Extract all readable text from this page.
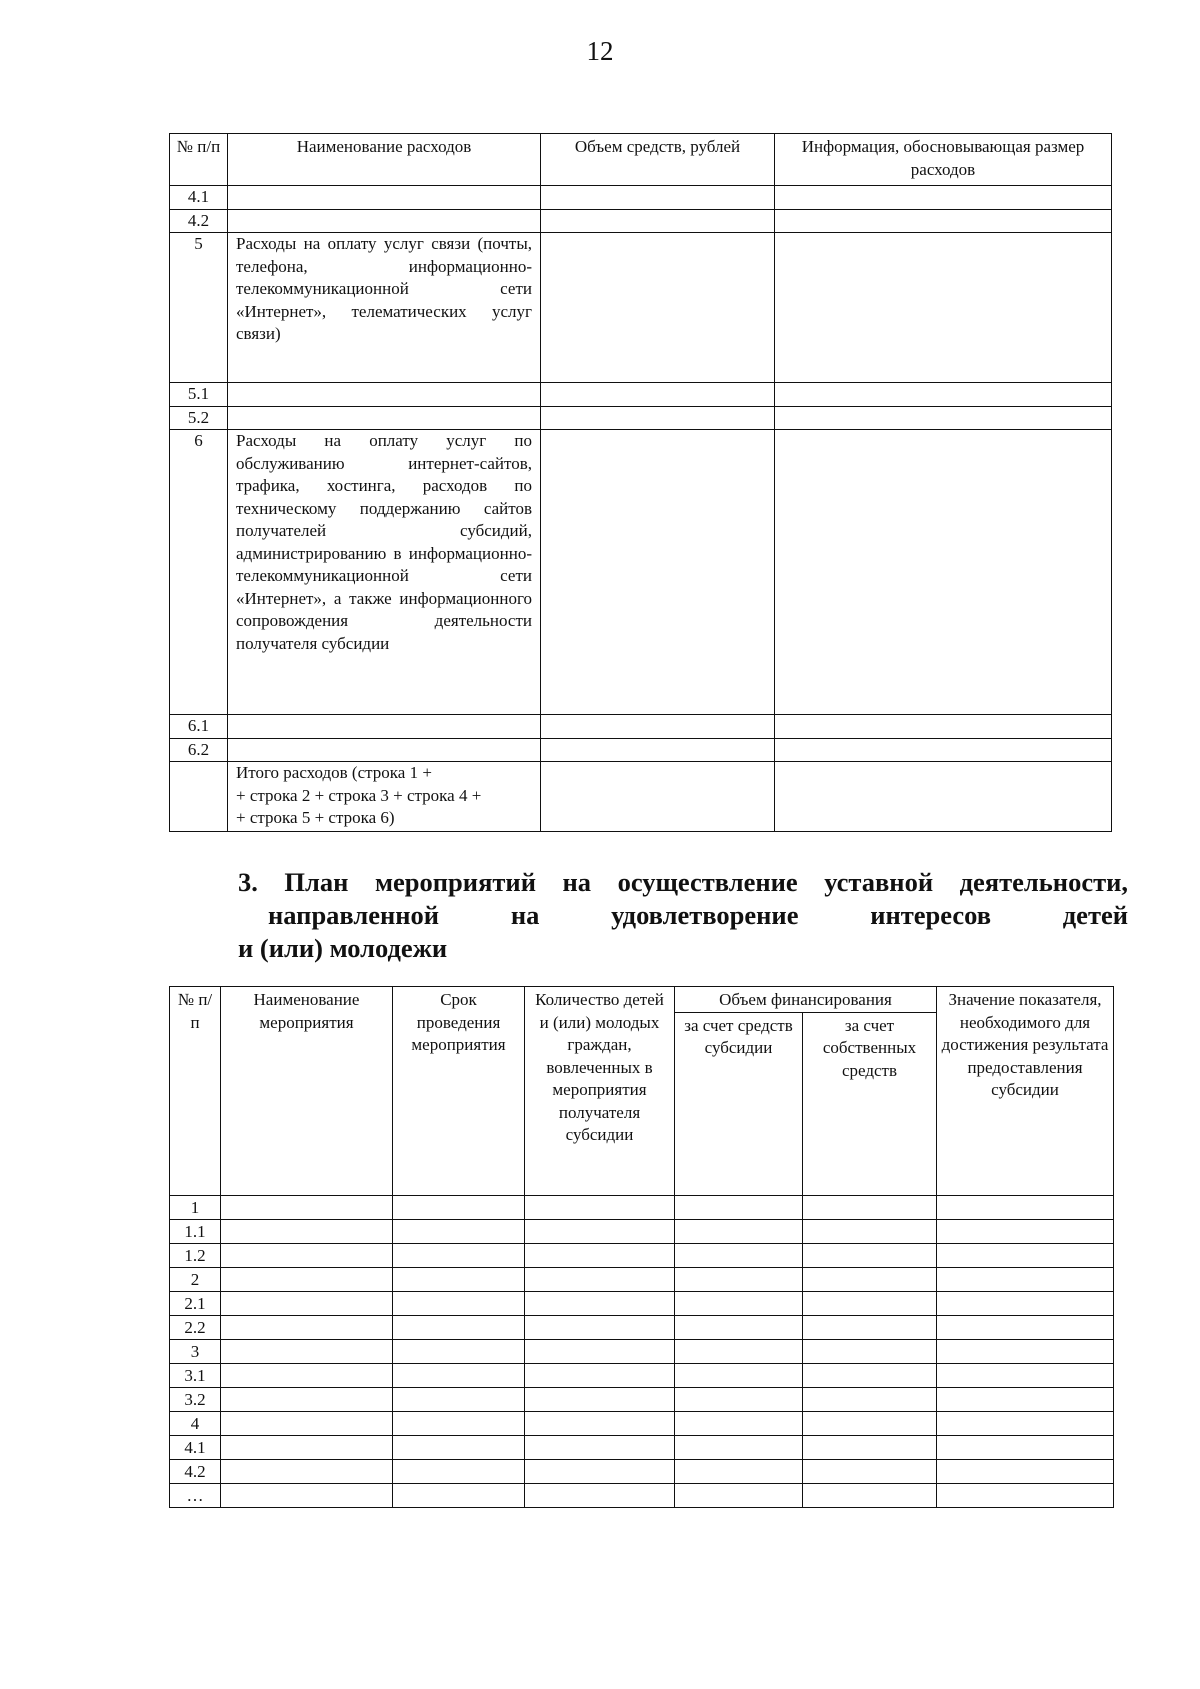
12
№ п/п	Наименование расходов	Объем средств, рублей	Информация, обосновывающая размер расходов
4.1			
4.2			
5	Расходы на оплату услуг связи (почты, телефона, информационно-телекоммуникационной сети «Интернет», телематических услуг связи)		
5.1			
5.2			
6	Расходы на оплату услуг по обслуживанию интернет-сайтов, трафика, хостинга, расходов по техническому поддержанию сайтов получателей субсидий, администрированию в информационно-телекоммуникационной сети «Интернет», а также информационного сопровождения деятельности получателя субсидии		
6.1			
6.2			

	Итого расходов (строка 1 +
+ строка 2 + строка 3 + строка 4 +
+ строка 5 + строка 6)		

3. План мероприятий на осуществление уставной деятельности,
направленной на удовлетворение интересов детей
и (или) молодежи
№ п/п	Наименование мероприятия	Срок проведения мероприятия	Количество детей и (или) молодых граждан, вовлеченных в мероприятия получателя субсидии	Объем финансирования		Значение показателя, необходимого для достижения результата предоставления субсидии
				за счет средств субсидии	за счет собственных средств	
1						
1.1						
1.2						
2						
2.1						
2.2						
3						
3.1						
3.2						
4						
4.1						
4.2						
…						
